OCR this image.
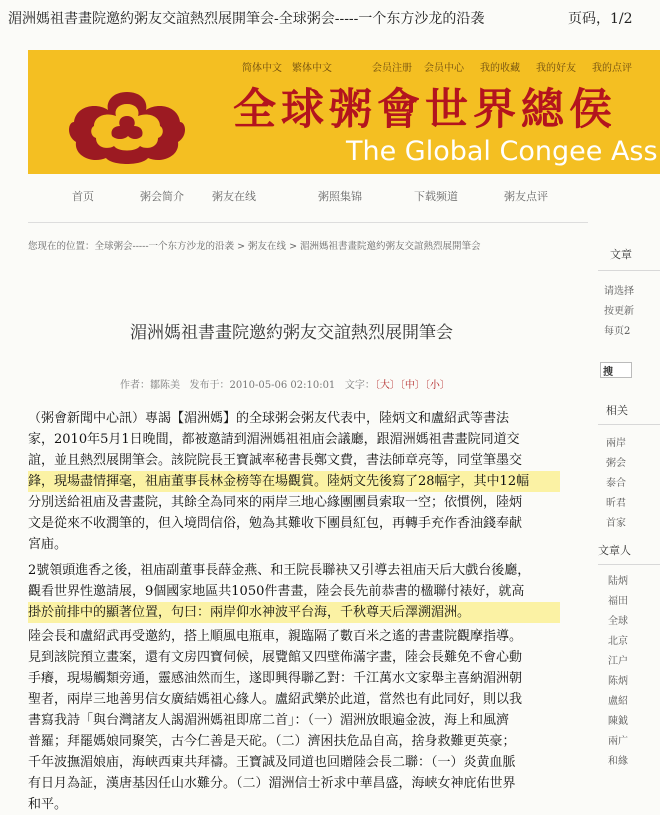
湄洲媽祖書畫院邀約粥友交誼熱烈展開筆会-全球粥会-----一个东方沙龙的沿袭	页码，1/2
简体中文 繁体中文	会员注册 会员中心 我的收藏 我的好友 我的点评
全球粥會世界總侯
The Global Congee Ass
首页	粥会简介	粥友在线	粥照集锦	下载频道	粥友点评
您现在的位置：全球粥会-----一个东方沙龙的沿袭 > 粥友在线 > 湄洲媽祖書畫院邀約粥友交誼熱烈展開筆会
湄洲媽祖書畫院邀約粥友交誼熱烈展開筆会
作者：鄒陈美 发布于：2010-05-06 02:10:01 文字：〔大〕〔中〕〔小〕
（粥會新聞中心訊）專謁【湄洲媽】的全球粥会粥友代表中，陸炳文和盧紹武等書法
家，2010年5月1日晚間，都被邀請到湄洲媽祖祖庙会議廳，跟湄洲媽祖書畫院同道交
誼，並且熱烈展開筆会。該院院長王寶誠率秘書長鄭文費，書法師章亮等，同堂筆墨交
鋒，現場盡情揮毫，祖庙董事長林金榜等在場觀賞。陸炳文先後寫了28幅字，其中12幅
分別送給祖庙及書畫院，其餘全為同來的兩岸三地心緣團團員索取一空；依慣例，陸炳
文是從來不收潤筆的，但入境問信俗，勉為其難收下團員紅包，再轉手充作香油錢奉献
宮庙。
2號領頭進香之後，祖庙副董事長薛金燕、和王院長聯袂又引導去祖庙天后大戲台後廳，
觀看世界性邀請展，9個國家地區共1050件書畫，陸会長先前恭書的楹聯付裱好，就高
掛於前排中的顯著位置，句曰：兩岸仰水神波平台海，千秋尊天后澤溯湄洲。
陸会長和盧紹武再受邀約，搭上順風电瓶車，親臨隔了數百米之遙的書畫院觀摩指導。
見到該院預立畫案，還有文房四寶伺候，展覽館又四壁佈滿字畫，陸会長難免不會心動
手癢，現場觸類旁通，靈感油然而生，遂即興得聯乙對：千江萬水文家舉主喜納湄洲朝
聖者，兩岸三地善男信女廣結媽祖心緣人。盧紹武樂於此道，當然也有此同好，則以我
書寫我詩「與台灣諸友人謁湄洲媽祖即席二首」：（一）湄洲放眼遍金波，海上和風濟
普羅；拜罷媽娘同聚笑，古今仁善是天砣。（二）濟困扶危品自高，捨身救難更英豪；
千年波撫湄娘庙，海峡西東共拜禱。王寶誠及同道也回贈陸会長二聯：（一）炎黄血脈
有日月為証，漢唐基因任山水難分。（二）湄洲信士祈求中華昌盛，海峡女神庇佑世界
和平。
文章
请选择
按更新
每页2
搜
相关
兩岸
粥会
泰合
昕君
首家
文章人
陆炳
福田
全球
北京
江户
陈炳
盧紹
陳鉞
兩广
和緣
